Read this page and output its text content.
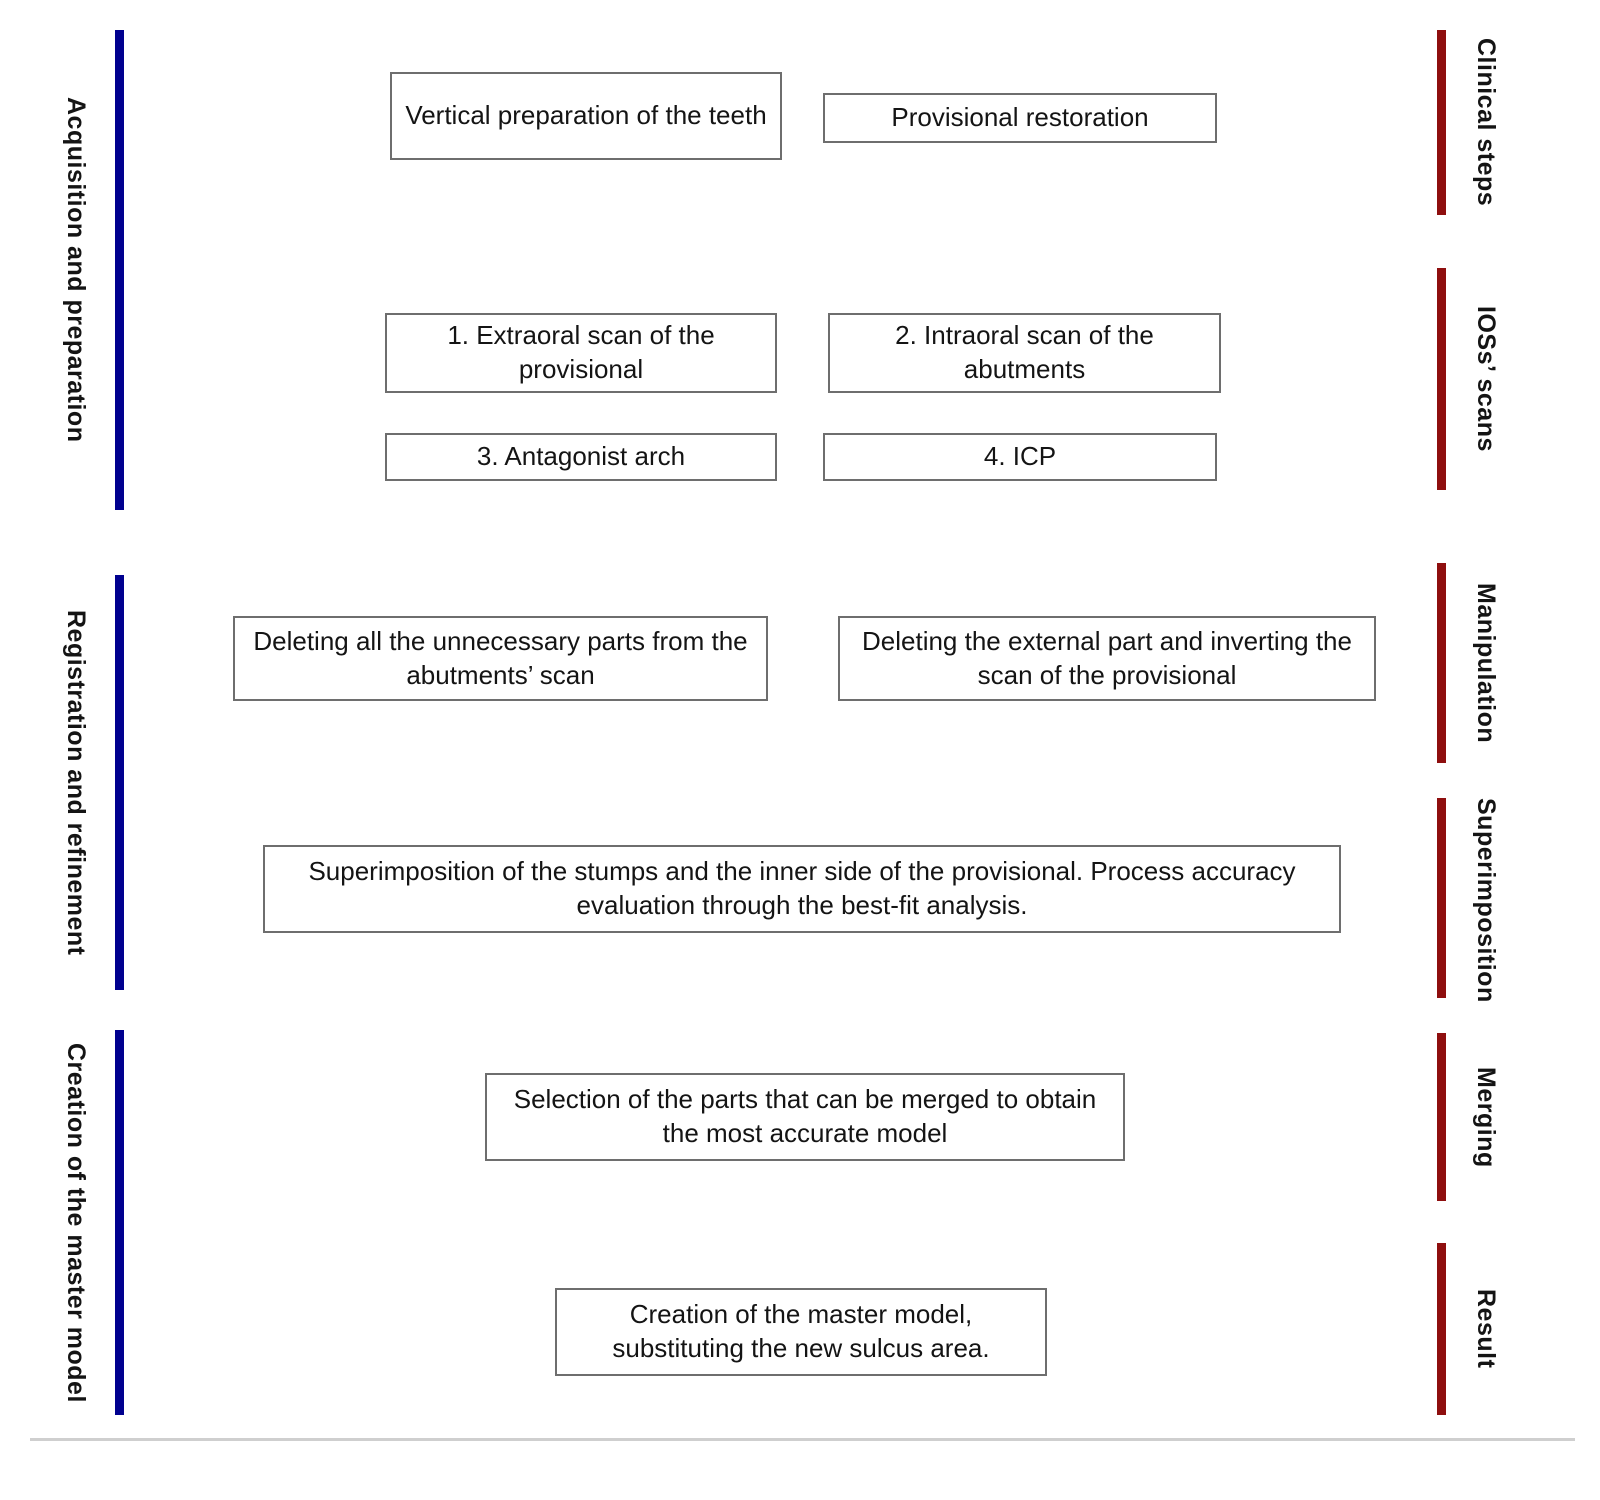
Acquisition and preparation
Registration and refinement
Creation of the master model
Clinical steps
IOSs’ scans
Manipulation
Superimposition
Merging
Result
Vertical preparation of the teeth	Provisional restoration
1. Extraoral scan of the provisional
2. Intraoral scan of the abutments
3. Antagonist arch	4. ICP
Deleting all the unnecessary parts from the abutments’ scan
Deleting the external part and inverting the scan of the provisional
Superimposition of the stumps and the inner side of the provisional. Process accuracy evaluation through the best-fit analysis.
Selection of the parts that can be merged to obtain the most accurate model
Creation of the master model, substituting the new sulcus area.
